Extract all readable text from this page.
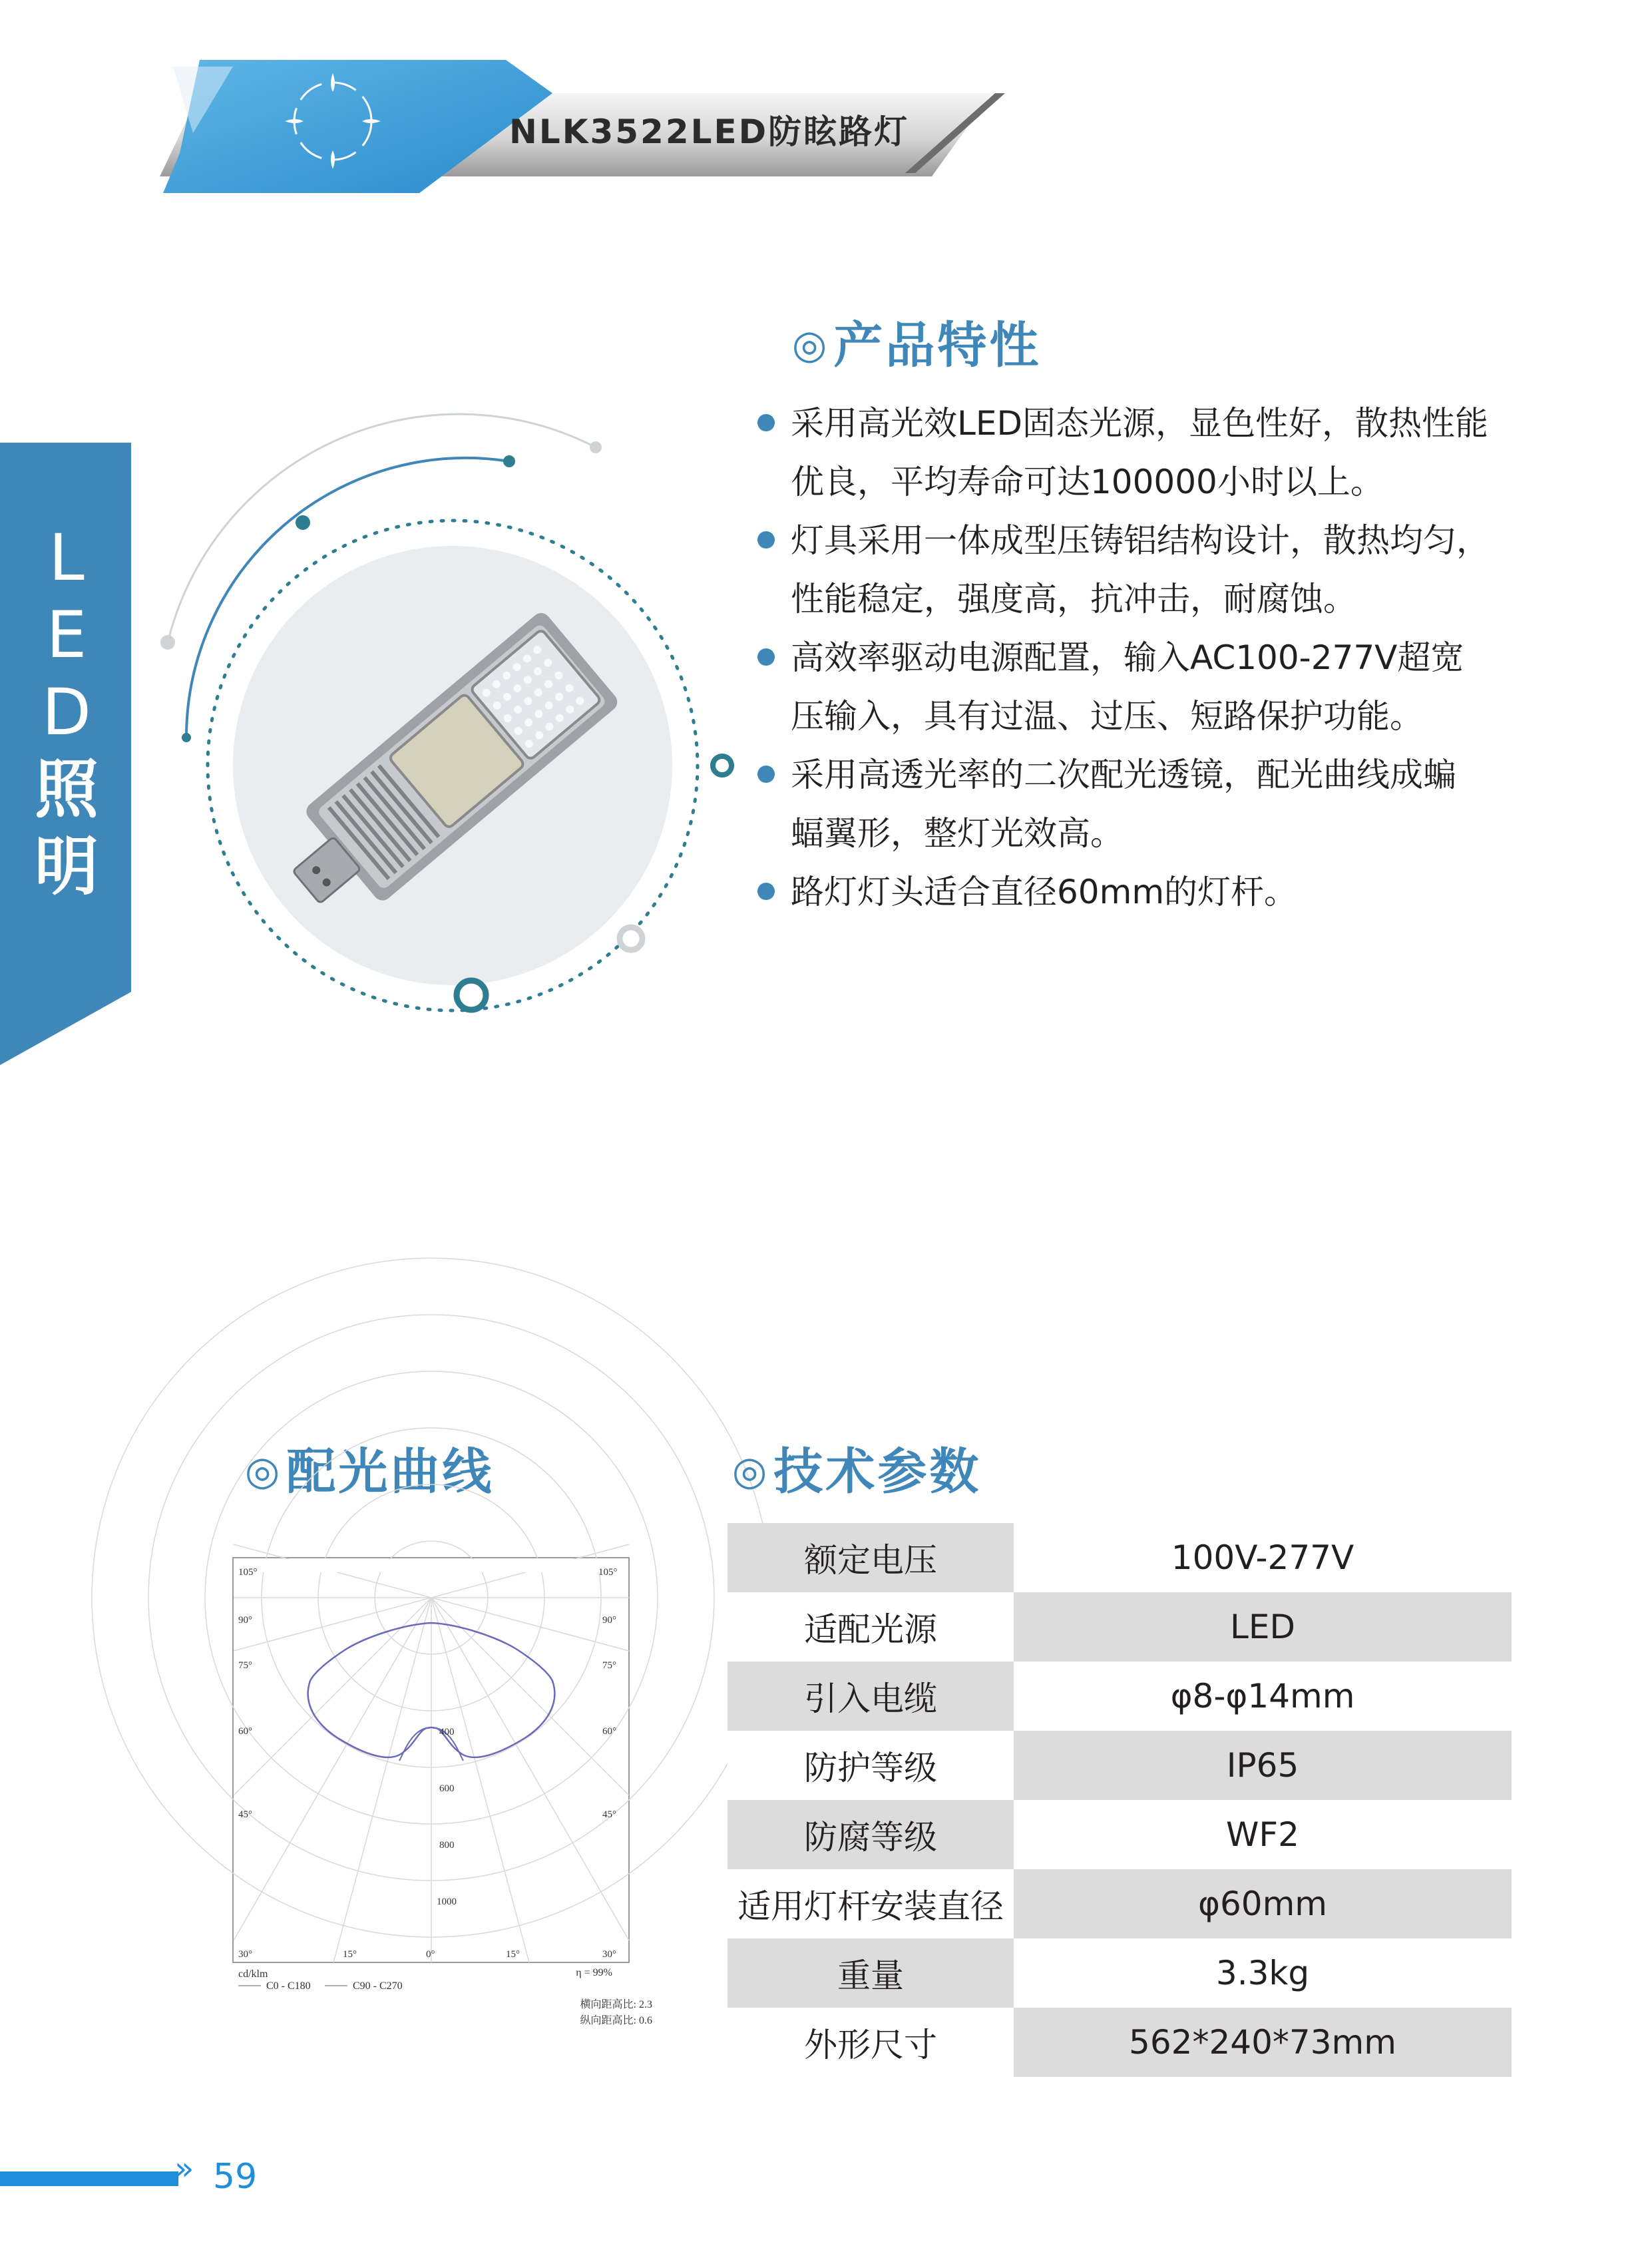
NLK3522LED防眩路灯
L
E
D
照
明
◎产品特性
采用高光效LED固态光源，显色性好，散热性能
优良，平均寿命可达100000小时以上。
灯具采用一体成型压铸铝结构设计，散热均匀，
性能稳定，强度高，抗冲击，耐腐蚀。
高效率驱动电源配置，输入AC100-277V超宽
压输入，具有过温、过压、短路保护功能。
采用高透光率的二次配光透镜，配光曲线成蝙
蝠翼形，整灯光效高。
路灯灯头适合直径60mm的灯杆。
◎配光曲线
105°
90°
75°
60°
45°
30°	15°	0°	15°	30°
45°
60°
75°
90°
105°
400
600
800
1000
cd/klm
C0 - C180	C90 - C270
η = 99%
横向距高比: 2.3
纵向距高比: 0.6
◎技术参数
额定电压	100V-277V
适配光源	LED
引入电缆	φ8-φ14mm
防护等级	IP65
防腐等级	WF2
适用灯杆安装直径	φ60mm
重量	3.3kg
外形尺寸	562*240*73mm
» 59
